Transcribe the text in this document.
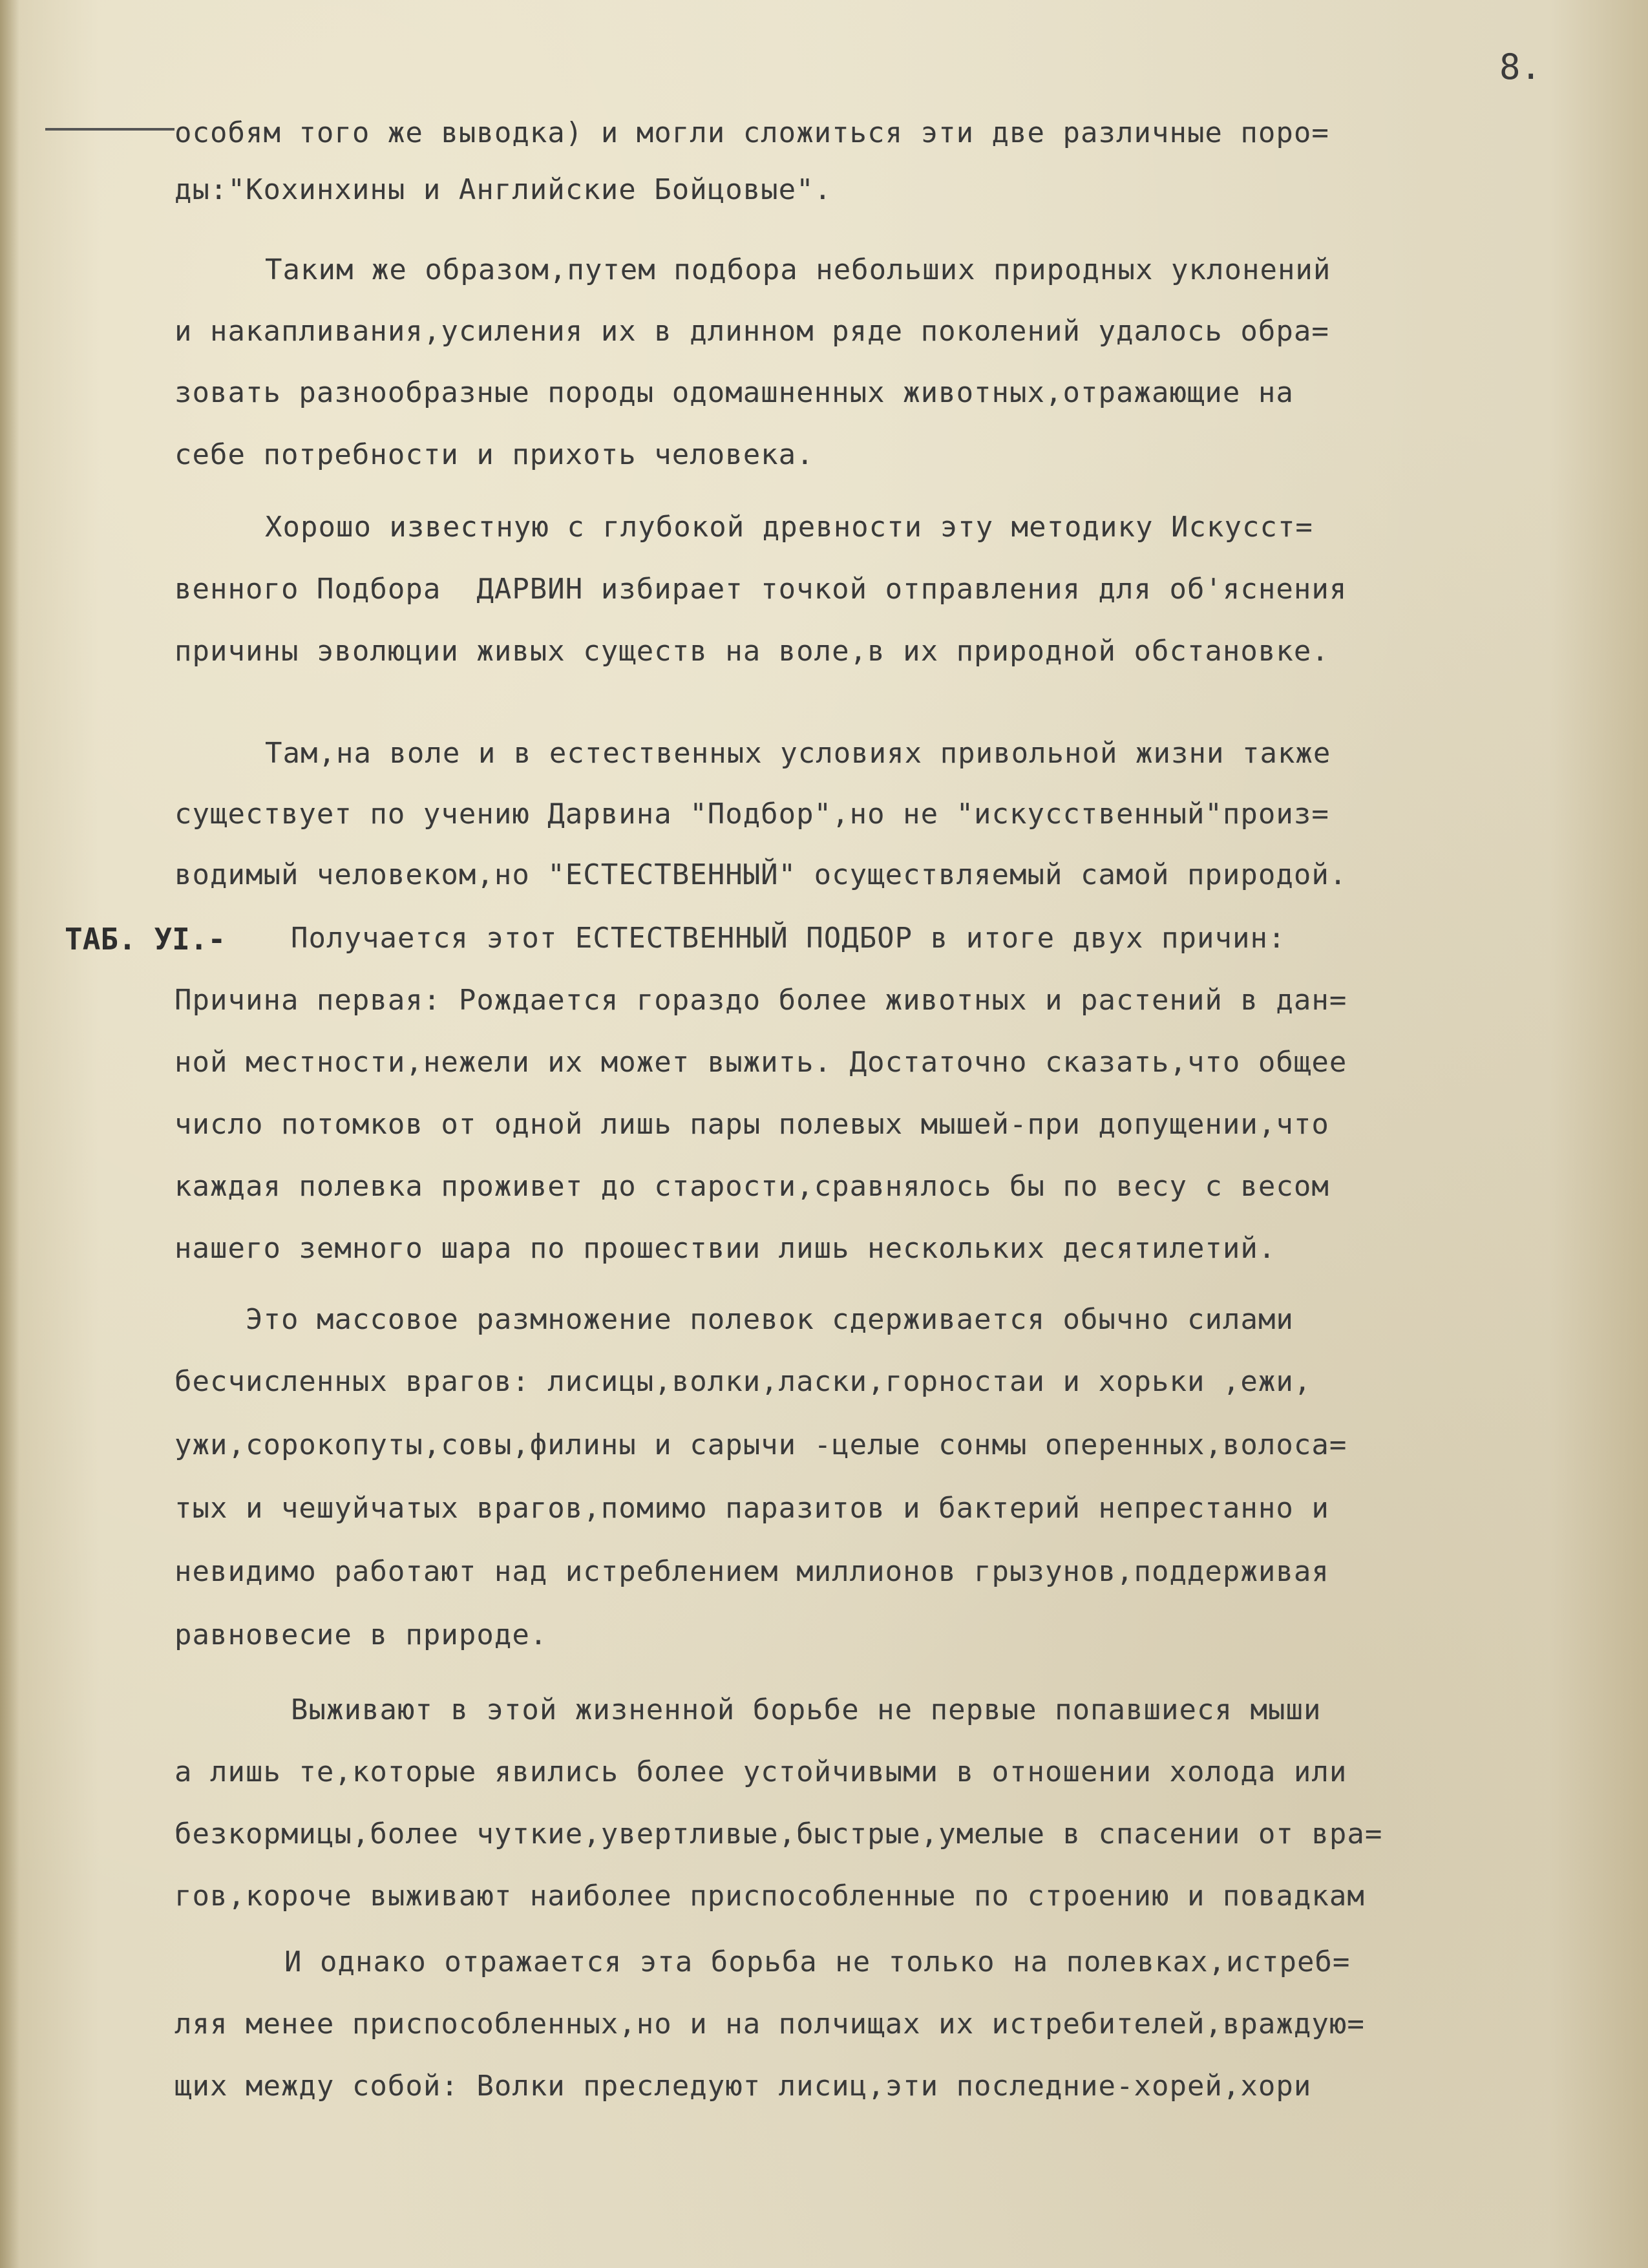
8.
ТАБ. УІ.-
особям того же выводка) и могли сложиться эти две различные поро=
ды:"Кохинхины и Английские Бойцовые".
Таким же образом,путем подбора небольших природных уклонений
и накапливания,усиления их в длинном ряде поколений удалось обра=
зовать разнообразные породы одомашненных животных,отражающие на
себе потребности и прихоть человека.
Хорошо известную с глубокой древности эту методику Искусст=
венного Подбора  ДАРВИН избирает точкой отправления для об'яснения
причины эволюции живых существ на воле,в их природной обстановке.
Там,на воле и в естественных условиях привольной жизни также
существует по учению Дарвина "Подбор",но не "искусственный"произ=
водимый человеком,но "ЕСТЕСТВЕННЫЙ" осуществляемый самой природой.
Получается этот ЕСТЕСТВЕННЫЙ ПОДБОР в итоге двух причин:
Причина первая: Рождается гораздо более животных и растений в дан=
ной местности,нежели их может выжить. Достаточно сказать,что общее
число потомков от одной лишь пары полевых мышей-при допущении,что
каждая полевка проживет до старости,сравнялось бы по весу с весом
нашего земного шара по прошествии лишь нескольких десятилетий.
Это массовое размножение полевок сдерживается обычно силами
бесчисленных врагов: лисицы,волки,ласки,горностаи и хорьки ,ежи,
ужи,сорокопуты,совы,филины и сарычи -целые сонмы оперенных,волоса=
тых и чешуйчатых врагов,помимо паразитов и бактерий непрестанно и
невидимо работают над истреблением миллионов грызунов,поддерживая
равновесие в природе.
Выживают в этой жизненной борьбе не первые попавшиеся мыши
а лишь те,которые явились более устойчивыми в отношении холода или
безкормицы,более чуткие,увертливые,быстрые,умелые в спасении от вра=
гов,короче выживают наиболее приспособленные по строению и повадкам
И однако отражается эта борьба не только на полевках,истреб=
ляя менее приспособленных,но и на полчищах их истребителей,враждую=
щих между собой: Волки преследуют лисиц,эти последние-хорей,хори
